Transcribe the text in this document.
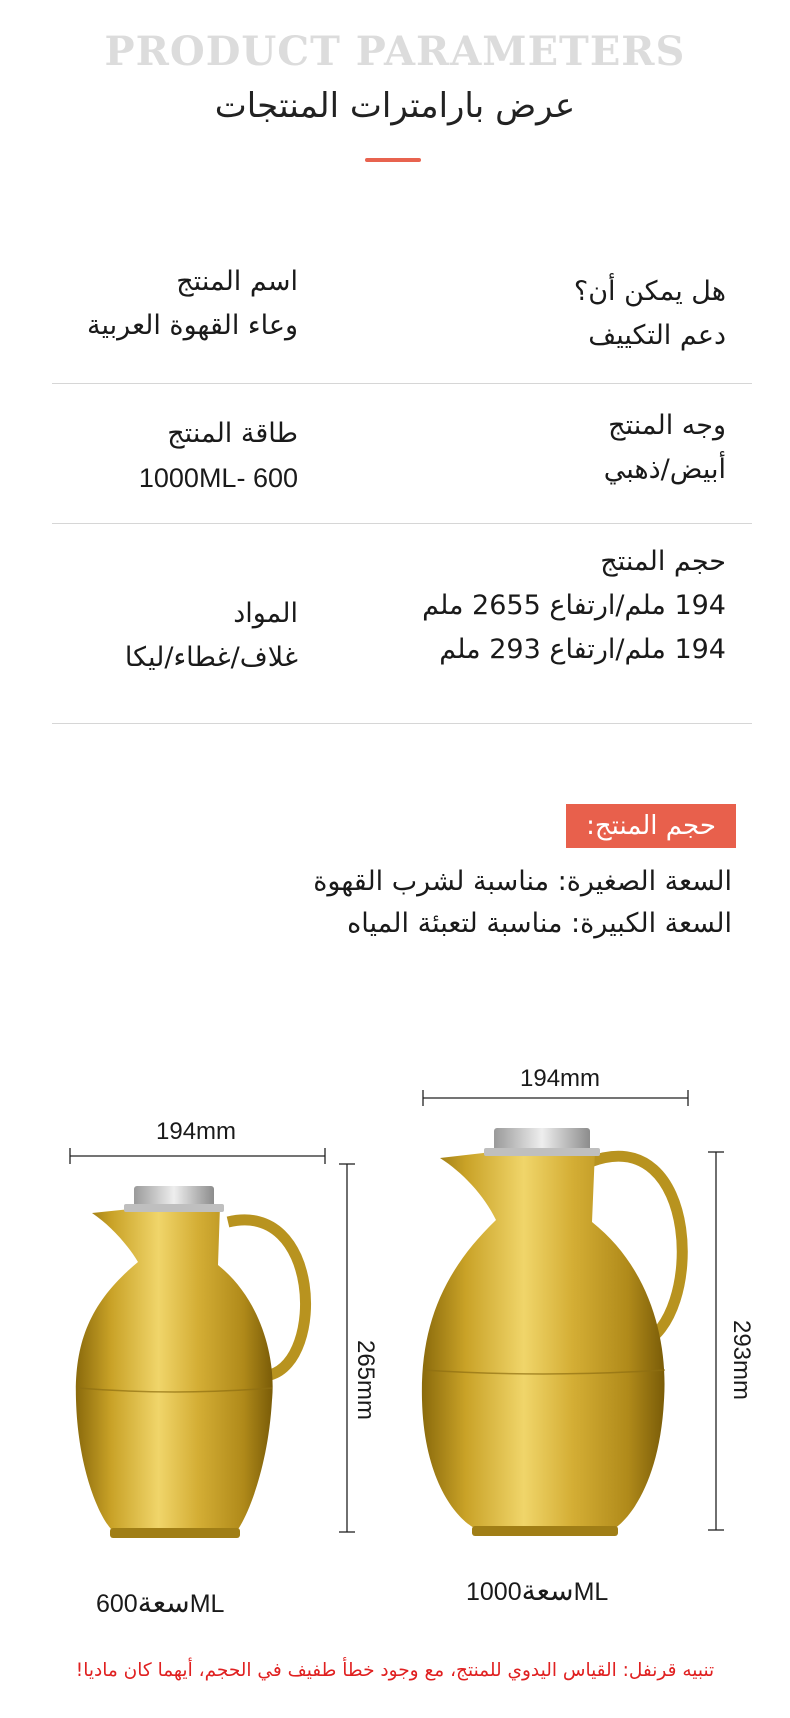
PRODUCT PARAMETERS
عرض بارامترات المنتجات
هل يمكن أن؟
دعم التكييف
اسم المنتج
وعاء القهوة العربية
وجه المنتج
أبيض/ذهبي
طاقة المنتج
1000ML- 600
حجم المنتج
194 ملم/ارتفاع 2655 ملم
194 ملم/ارتفاع 293 ملم
المواد
غلاف/غطاء/ليكا
حجم المنتج:
السعة الصغيرة: مناسبة لشرب القهوة
السعة الكبيرة: مناسبة لتعبئة المياه
194mm
194mm
265mm	293mm
سعة600ML	سعة1000ML
تنبيه قرنفل: القياس اليدوي للمنتج، مع وجود خطأ طفيف في الحجم، أيهما كان ماديا!
